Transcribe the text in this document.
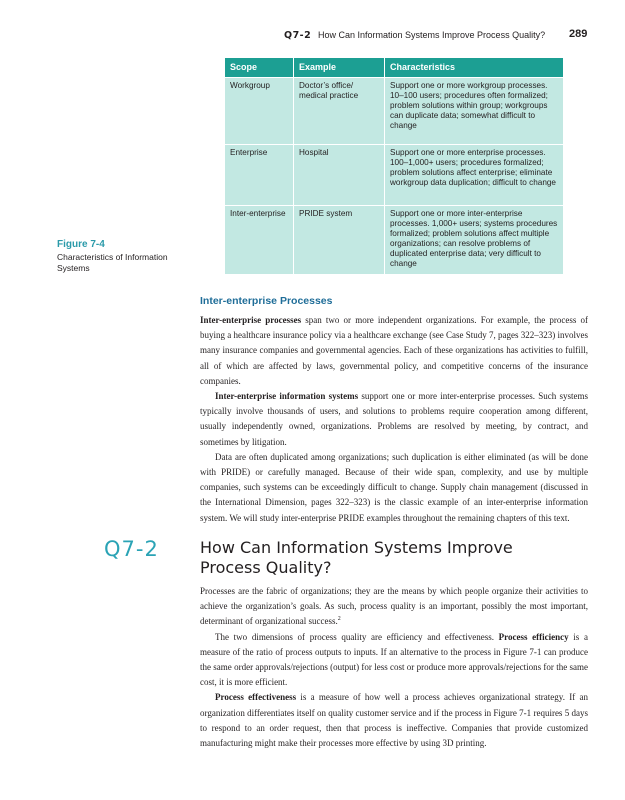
Q7-2 How Can Information Systems Improve Process Quality? 289
Scope	Example	Characteristics
Workgroup	Doctor’s office/ medical practice	Support one or more workgroup processes. 10–100 users; procedures often formalized; problem solutions within group; workgroups can duplicate data; somewhat difficult to change
Enterprise	Hospital	Support one or more enterprise processes. 100–1,000+ users; procedures formalized; problem solutions affect enterprise; eliminate workgroup data duplication; difficult to change
Inter-enterprise	PRIDE system	Support one or more inter-enterprise processes. 1,000+ users; systems procedures formalized; problem solutions affect multiple organizations; can resolve problems of duplicated enterprise data; very difficult to change
Figure 7-4
Characteristics of Information Systems
Inter-enterprise Processes

Inter-enterprise processes span two or more independent organizations. For example, the process of buying a healthcare insurance policy via a healthcare exchange (see Case Study 7, pages 322–323) involves many insurance companies and governmental agencies. Each of these organizations has activities to fulfill, all of which are affected by laws, governmental policy, and competitive concerns of the insurance companies.

Inter-enterprise information systems support one or more inter-enterprise processes. Such systems typically involve thousands of users, and solutions to problems require cooperation among different, usually independently owned, organizations. Problems are resolved by meeting, by contract, and sometimes by litigation.

Data are often duplicated among organizations; such duplication is either eliminated (as will be done with PRIDE) or carefully managed. Because of their wide span, complexity, and use by multiple companies, such systems can be exceedingly difficult to change. Supply chain management (discussed in the International Dimension, pages 322–323) is the classic example of an inter-enterprise information system. We will study inter-enterprise PRIDE examples throughout the remaining chapters of this text.

Q7-2	How Can Information Systems Improve Process Quality?

Processes are the fabric of organizations; they are the means by which people organize their activities to achieve the organization’s goals. As such, process quality is an important, possibly the most important, determinant of organizational success.$^2$

The two dimensions of process quality are efficiency and effectiveness. Process efficiency is a measure of the ratio of process outputs to inputs. If an alternative to the process in Figure 7-1 can produce the same order approvals/rejections (output) for less cost or produce more approvals/rejections for the same cost, it is more efficient.

Process effectiveness is a measure of how well a process achieves organizational strategy. If an organization differentiates itself on quality customer service and if the process in Figure 7-1 requires 5 days to respond to an order request, then that process is ineffective. Companies that provide customized manufacturing might make their processes more effective by using 3D printing.
